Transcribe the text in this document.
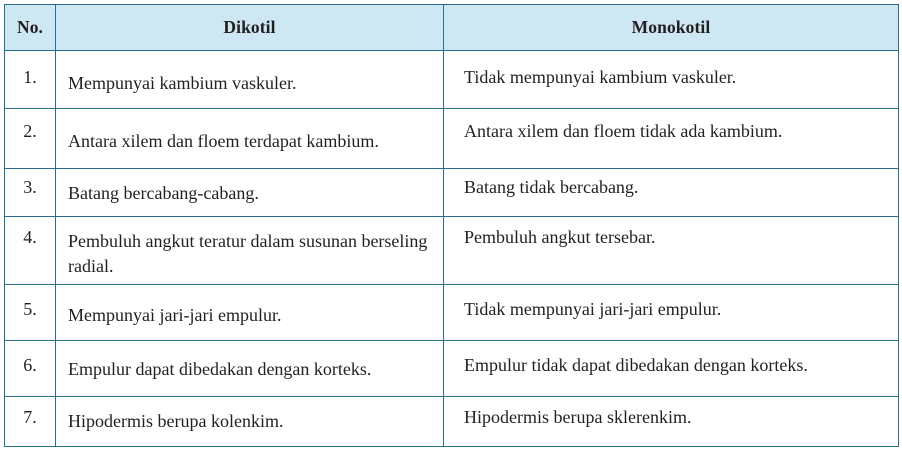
No.	Dikotil	Monokotil
1.	Mempunyai kambium vaskuler.	Tidak mempunyai kambium vaskuler.
2.	Antara xilem dan floem terdapat kambium.	Antara xilem dan floem tidak ada kambium.
3.	Batang bercabang-cabang.	Batang tidak bercabang.
4.	Pembuluh angkut teratur dalam susunan berseling radial.	Pembuluh angkut tersebar.
5.	Mempunyai jari-jari empulur.	Tidak mempunyai jari-jari empulur.
6.	Empulur dapat dibedakan dengan korteks.	Empulur tidak dapat dibedakan dengan korteks.
7.	Hipodermis berupa kolenkim.	Hipodermis berupa sklerenkim.
